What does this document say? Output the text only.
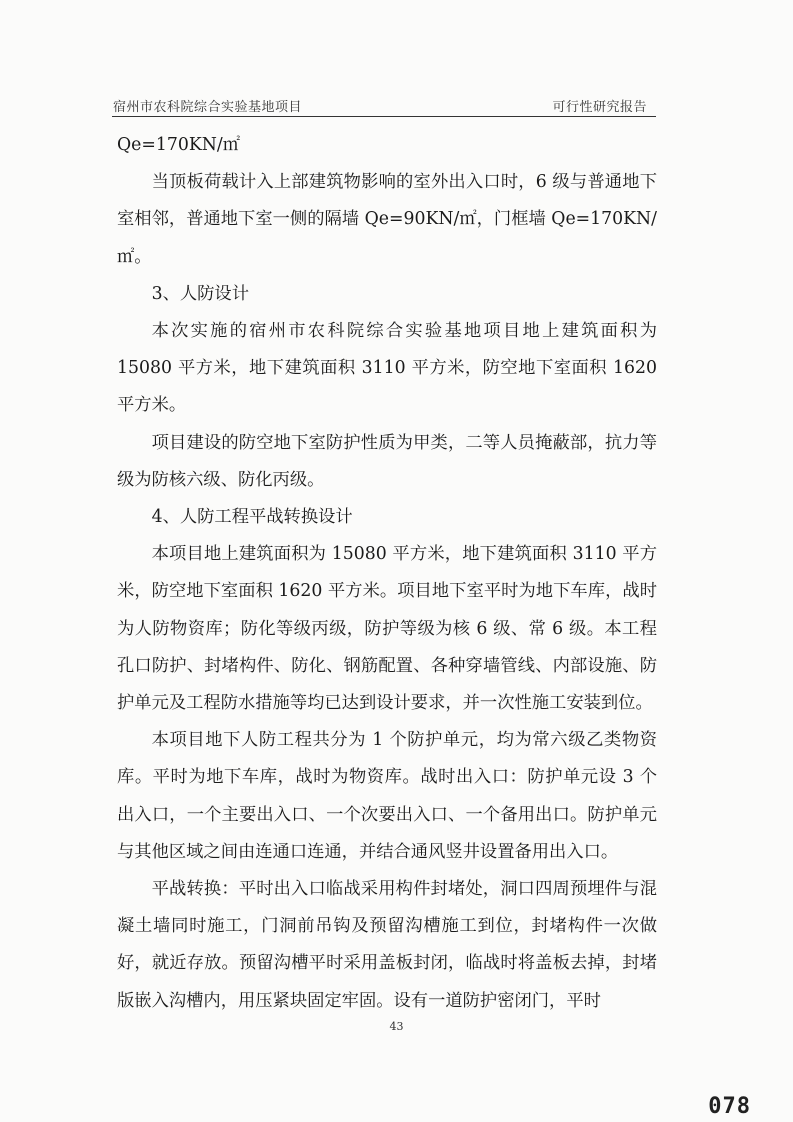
宿州市农科院综合实验基地项目	可行性研究报告

Qe=170KN/㎡

当顶板荷载计入上部建筑物影响的室外出入口时，6 级与普通地下室相邻，普通地下室一侧的隔墙 Qe=90KN/㎡，门框墙 Qe=170KN/㎡。

3、人防设计

本次实施的宿州市农科院综合实验基地项目地上建筑面积为 15080 平方米，地下建筑面积 3110 平方米，防空地下室面积 1620 平方米。

项目建设的防空地下室防护性质为甲类，二等人员掩蔽部，抗力等级为防核六级、防化丙级。

4、人防工程平战转换设计

本项目地上建筑面积为 15080 平方米，地下建筑面积 3110 平方米，防空地下室面积 1620 平方米。项目地下室平时为地下车库，战时为人防物资库；防化等级丙级，防护等级为核 6 级、常 6 级。本工程孔口防护、封堵构件、防化、钢筋配置、各种穿墙管线、内部设施、防护单元及工程防水措施等均已达到设计要求，并一次性施工安装到位。

本项目地下人防工程共分为 1 个防护单元，均为常六级乙类物资库。平时为地下车库，战时为物资库。战时出入口：防护单元设 3 个出入口，一个主要出入口、一个次要出入口、一个备用出口。防护单元与其他区域之间由连通口连通，并结合通风竖井设置备用出入口。

平战转换：平时出入口临战采用构件封堵处，洞口四周预埋件与混凝土墙同时施工，门洞前吊钩及预留沟槽施工到位，封堵构件一次做好，就近存放。预留沟槽平时采用盖板封闭，临战时将盖板去掉，封堵版嵌入沟槽内，用压紧块固定牢固。设有一道防护密闭门，平时

43
078
